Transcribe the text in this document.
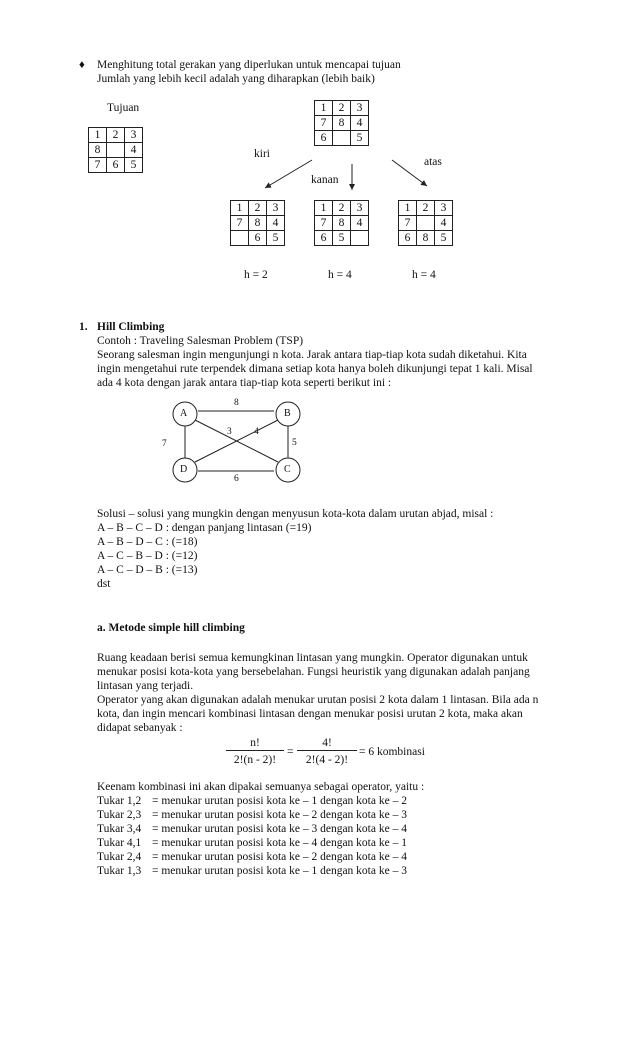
♦ Menghitung total gerakan yang diperlukan untuk mencapai tujuan
Jumlah yang lebih kecil adalah yang diharapkan (lebih baik)
Tujuan
1	2	3
8		4
7	6	5
1	2	3
7	8	4
6		5
kiri
kanan
atas
1	2	3
7	8	4
	6	5
1	2	3
7	8	4
6	5	
1	2	3
7		4
6	8	5
h = 2	h = 4	h = 4
1. Hill Climbing
Contoh : Traveling Salesman Problem (TSP)
Seorang salesman ingin mengunjungi n kota. Jarak antara tiap-tiap kota sudah diketahui. Kita
ingin mengetahui rute terpendek dimana setiap kota hanya boleh dikunjungi tepat 1 kali. Misal
ada 4 kota dengan jarak antara tiap-tiap kota seperti berikut ini :
A	B
D	C
8
3 4
7	5
6
Solusi – solusi yang mungkin dengan menyusun kota-kota dalam urutan abjad, misal :
A – B – C – D : dengan panjang lintasan (=19)
A – B – D – C : (=18)
A – C – B – D : (=12)
A – C – D – B : (=13)
dst
a. Metode simple hill climbing
Ruang keadaan berisi semua kemungkinan lintasan yang mungkin. Operator digunakan untuk
menukar posisi kota-kota yang bersebelahan. Fungsi heuristik yang digunakan adalah panjang
lintasan yang terjadi.
Operator yang akan digunakan adalah menukar urutan posisi 2 kota dalam 1 lintasan. Bila ada n
kota, dan ingin mencari kombinasi lintasan dengan menukar posisi urutan 2 kota, maka akan
didapat sebanyak :
$\frac{n!}{2!(n - 2)!} = \frac{4!}{2!(4 - 2)!} = 6$ kombinasi
Keenam kombinasi ini akan dipakai semuanya sebagai operator, yaitu :
Tukar 1,2 = menukar urutan posisi kota ke – 1 dengan kota ke – 2
Tukar 2,3 = menukar urutan posisi kota ke – 2 dengan kota ke – 3
Tukar 3,4 = menukar urutan posisi kota ke – 3 dengan kota ke – 4
Tukar 4,1 = menukar urutan posisi kota ke – 4 dengan kota ke – 1
Tukar 2,4 = menukar urutan posisi kota ke – 2 dengan kota ke – 4
Tukar 1,3 = menukar urutan posisi kota ke – 1 dengan kota ke – 3
